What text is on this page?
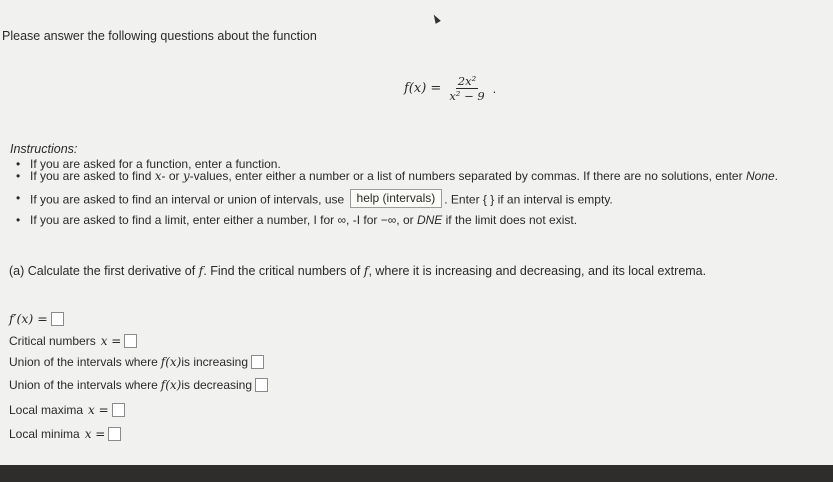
Please answer the following questions about the function
$f(x) = \frac{\text{2x²}}{\text{x² − 9}}$ .
Instructions:
• If you are asked for a function, enter a function.
• If you are asked to find x- or y-values, enter either a number or a list of numbers separated by commas. If there are no solutions, enter None.
• If you are asked to find an interval or union of intervals, use help (intervals) . Enter { } if an interval is empty.
• If you are asked to find a limit, enter either a number, I for ∞, -I for −∞, or DNE if the limit does not exist.
(a) Calculate the first derivative of f. Find the critical numbers of f, where it is increasing and decreasing, and its local extrema.
f′(x) =
Critical numbers x =
Union of the intervals where f(x) is increasing
Union of the intervals where f(x) is decreasing
Local maxima x =
Local minima x =
